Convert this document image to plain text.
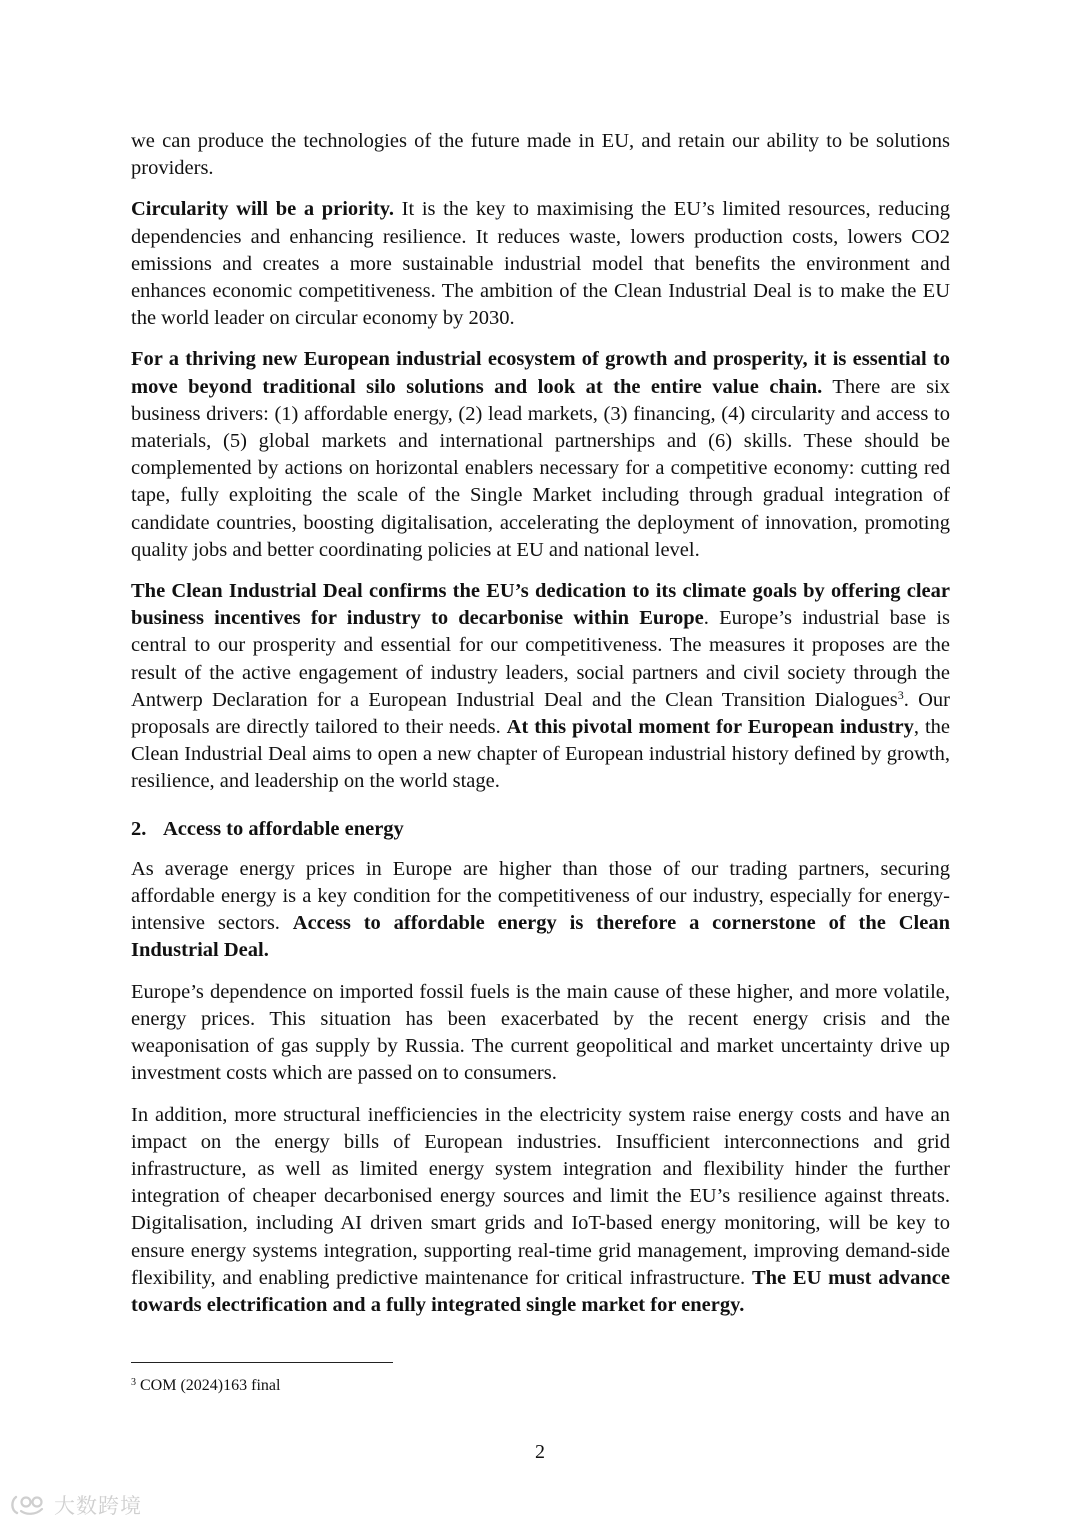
we can produce the technologies of the future made in EU, and retain our ability to be solutions providers.

Circularity will be a priority. It is the key to maximising the EU’s limited resources, reducing dependencies and enhancing resilience. It reduces waste, lowers production costs, lowers CO2 emissions and creates a more sustainable industrial model that benefits the environment and enhances economic competitiveness. The ambition of the Clean Industrial Deal is to make the EU the world leader on circular economy by 2030.

For a thriving new European industrial ecosystem of growth and prosperity, it is essential to move beyond traditional silo solutions and look at the entire value chain. There are six business drivers: (1) affordable energy, (2) lead markets, (3) financing, (4) circularity and access to materials, (5) global markets and international partnerships and (6) skills. These should be complemented by actions on horizontal enablers necessary for a competitive economy: cutting red tape, fully exploiting the scale of the Single Market including through gradual integration of candidate countries, boosting digitalisation, accelerating the deployment of innovation, promoting quality jobs and better coordinating policies at EU and national level.

The Clean Industrial Deal confirms the EU’s dedication to its climate goals by offering clear business incentives for industry to decarbonise within Europe. Europe’s industrial base is central to our prosperity and essential for our competitiveness. The measures it proposes are the result of the active engagement of industry leaders, social partners and civil society through the Antwerp Declaration for a European Industrial Deal and the Clean Transition Dialogues$^3$. Our proposals are directly tailored to their needs. At this pivotal moment for European industry, the Clean Industrial Deal aims to open a new chapter of European industrial history defined by growth, resilience, and leadership on the world stage.

2. Access to affordable energy

As average energy prices in Europe are higher than those of our trading partners, securing affordable energy is a key condition for the competitiveness of our industry, especially for energy-intensive sectors. Access to affordable energy is therefore a cornerstone of the Clean Industrial Deal.

Europe’s dependence on imported fossil fuels is the main cause of these higher, and more volatile, energy prices. This situation has been exacerbated by the recent energy crisis and the weaponisation of gas supply by Russia. The current geopolitical and market uncertainty drive up investment costs which are passed on to consumers.

In addition, more structural inefficiencies in the electricity system raise energy costs and have an impact on the energy bills of European industries. Insufficient interconnections and grid infrastructure, as well as limited energy system integration and flexibility hinder the further integration of cheaper decarbonised energy sources and limit the EU’s resilience against threats. Digitalisation, including AI driven smart grids and IoT-based energy monitoring, will be key to ensure energy systems integration, supporting real-time grid management, improving demand-side flexibility, and enabling predictive maintenance for critical infrastructure. The EU must advance towards electrification and a fully integrated single market for energy.

$^3$ COM (2024)163 final
2
大数跨境
